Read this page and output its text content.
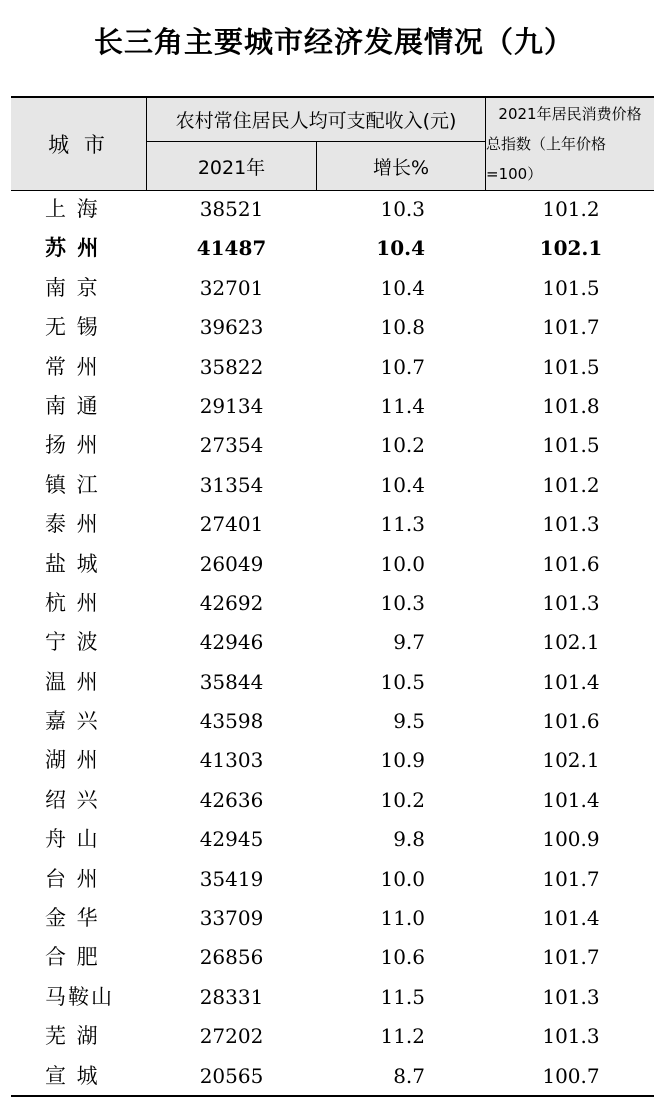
长三角主要城市经济发展情况（九）
城 市
农村常住居民人均可支配收入(元)
2021年	增长%
2021年居民消费价格
总指数（上年价格=100）
上 海	38521	10.3	101.2
苏 州	41487	10.4	102.1
南 京	32701	10.4	101.5
无 锡	39623	10.8	101.7
常 州	35822	10.7	101.5
南 通	29134	11.4	101.8
扬 州	27354	10.2	101.5
镇 江	31354	10.4	101.2
泰 州	27401	11.3	101.3
盐 城	26049	10.0	101.6
杭 州	42692	10.3	101.3
宁 波	42946	9.7	102.1
温 州	35844	10.5	101.4
嘉 兴	43598	9.5	101.6
湖 州	41303	10.9	102.1
绍 兴	42636	10.2	101.4
舟 山	42945	9.8	100.9
台 州	35419	10.0	101.7
金 华	33709	11.0	101.4
合 肥	26856	10.6	101.7
马鞍山	28331	11.5	101.3
芜 湖	27202	11.2	101.3
宣 城	20565	8.7	100.7
